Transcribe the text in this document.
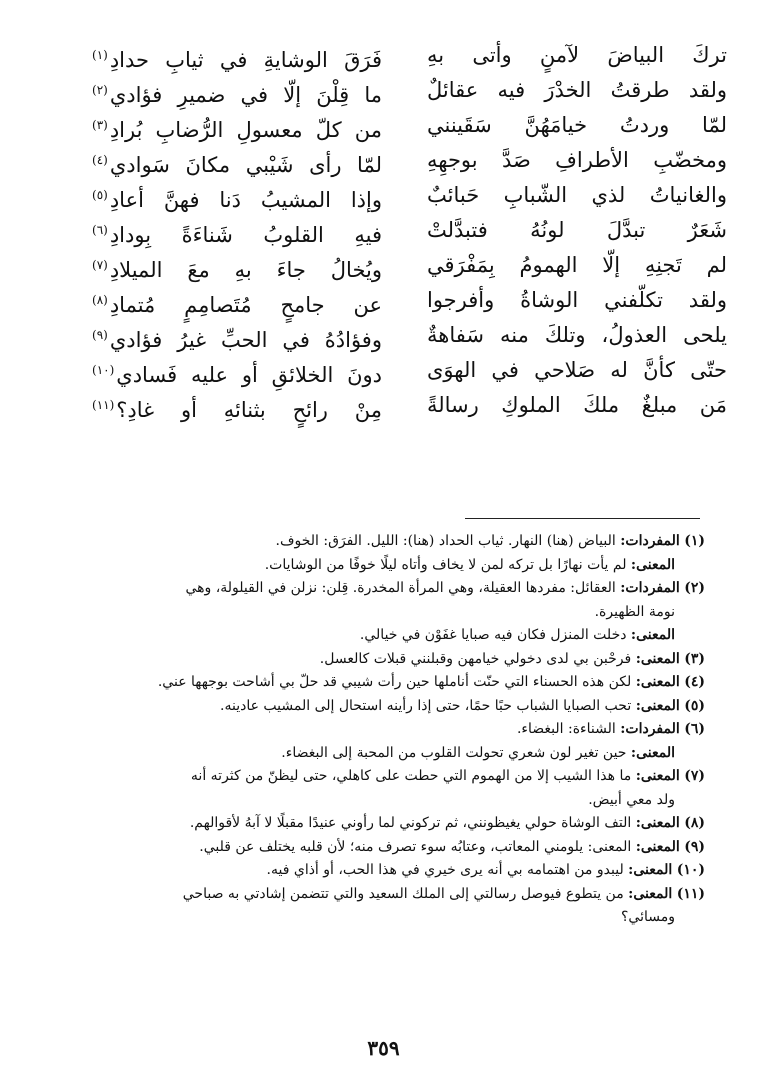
تركَ البياضَ لآمنٍ وأتى بهِ
فَرَقَ الوشايةِ في ثيابِ حدادِ$^{(١)}$
ولقد طرقتُ الخدْرَ فيه عقائلٌ
ما قِلْنَ إلّا في ضميرِ فؤادي$^{(٢)}$
لمّا وردتُ خيامَهُنَّ سَقَينني
من كلّ معسولِ الرُّضابِ بُرادِ$^{(٣)}$
ومخضّبِ الأطرافِ صَدَّ بوجهِهِ
لمّا رأى شَيْبي مكانَ سَوادي$^{(٤)}$
والغانياتُ لذي الشّبابِ حَبائبٌ
وإذا المشيبُ دَنا فهنَّ أعادِ$^{(٥)}$
شَعَرٌ تبدَّلَ لونُهُ فتبدَّلتْ
فيهِ القلوبُ شَناءَةً بِودادِ$^{(٦)}$
لم تَجنِهِ إلّا الهمومُ بِمَفْرَقي
ويُخالُ جاءَ بهِ معَ الميلادِ$^{(٧)}$
ولقد تكلّفني الوشاةُ وأفرجوا
عن جامحٍ مُتَصامِمٍ مُتمادِ$^{(٨)}$
يلحى العذولُ، وتلكَ منه سَفاهةٌ
وفؤادُهُ في الحبِّ غيرُ فؤادي$^{(٩)}$
حتّى كأنَّ له صَلاحي في الهوَى
دونَ الخلائقِ أو عليه فَسادي$^{(١٠)}$
مَن مبلغٌ ملكَ الملوكِ رسالةً
مِنْ رائحٍ بثنائهِ أو غادِ؟$^{(١١)}$
(١) المفردات: البياض (هنا) النهار. ثياب الحداد (هنا): الليل. الفرَق: الخوف.
المعنى: لم يأت نهارًا بل تركه لمن لا يخاف وأتاه ليلًا خوفًا من الوشايات.
(٢) المفردات: العقائل: مفردها العقيلة، وهي المرأة المخدرة. قِلن: نزلن في القيلولة، وهي
نومة الظهيرة.
المعنى: دخلت المنزل فكان فيه صبايا غفَوْن في خيالي.
(٣) المعنى: فرحْبن بي لدى دخولي خيامهن وقبلنني قبلات كالعسل.
(٤) المعنى: لكن هذه الحسناء التي حنّت أناملها حين رأت شيبي قد حلّ بي أشاحت بوجهها عني.
(٥) المعنى: تحب الصبايا الشباب حبًا حمًا، حتى إذا رأينه استحال إلى المشيب عادينه.
(٦) المفردات: الشناءة: البغضاء.
المعنى: حين تغير لون شعري تحولت القلوب من المحبة إلى البغضاء.
(٧) المعنى: ما هذا الشيب إلا من الهموم التي حطت على كاهلي، حتى ليظنّ من كثرته أنه
ولد معي أبيض.
(٨) المعنى: التف الوشاة حولي يغيظونني، ثم تركوني لما رأوني عنيدًا مقبلًا لا آبهُ لأقوالهم.
(٩) المعنى: المعنى: يلومني المعاتب، وعتابُه سوء تصرف منه؛ لأن قلبه يختلف عن قلبي.
(١٠) المعنى: ليبدو من اهتمامه بي أنه يرى خيري في هذا الحب، أو أذاي فيه.
(١١) المعنى: من يتطوع فيوصل رسالتي إلى الملك السعيد والتي تتضمن إشادتي به صباحي
ومسائي؟
٣٥٩
